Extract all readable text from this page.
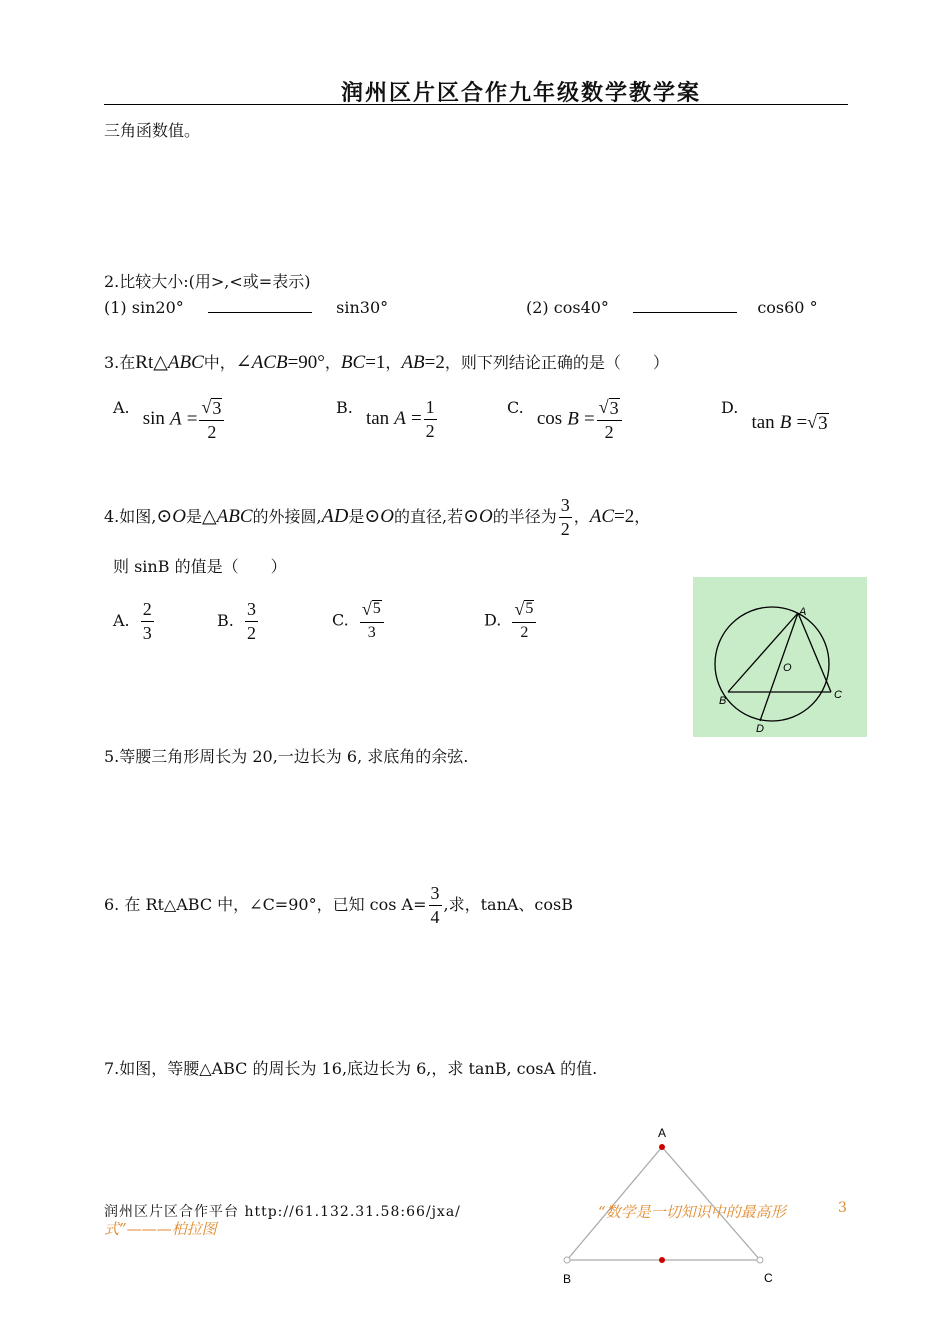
润州区片区合作九年级数学教学案
三角函数值。
2.比较大小:(用>,<或=表示)
(1) sin20°	sin30°	(2) cos40°	cos60 °
3.在Rt△ABC中，∠ACB=90°，BC=1，AB=2，则下列结论正确的是（　　）
A. $\sin A = \frac{√ 3}{2}$	B. $\tan A = \frac{1}{2}$	C. $\cos B = \frac{√ 3}{2}$	D. tan B = √ 3
4.如图,⊙O是△ABC的外接圆,AD是⊙O的直径,若⊙O的半径为 $\frac{3}{2}$ ，AC=2，
则 sinB 的值是（　　）
A. $\frac{2}{3}$	B. $\frac{3}{2}$	C. $\frac{√ 5}{3}$	D. $\frac{√ 5}{2}$	A
B	C
D
O
5.等腰三角形周长为 20,一边长为 6, 求底角的余弦.
6. 在 Rt△ABC 中，∠C=90°，已知 $\cos A= \frac{3}{4}$ ,求，tanA、cosB
7.如图，等腰△ABC 的周长为 16,底边长为 6,，求 tanB, cosA 的值.
A
B	C
润州区片区合作平台 http://61.132.31.58:66/jxa/	“数学是一切知识中的最高形	3
式”———柏拉图
